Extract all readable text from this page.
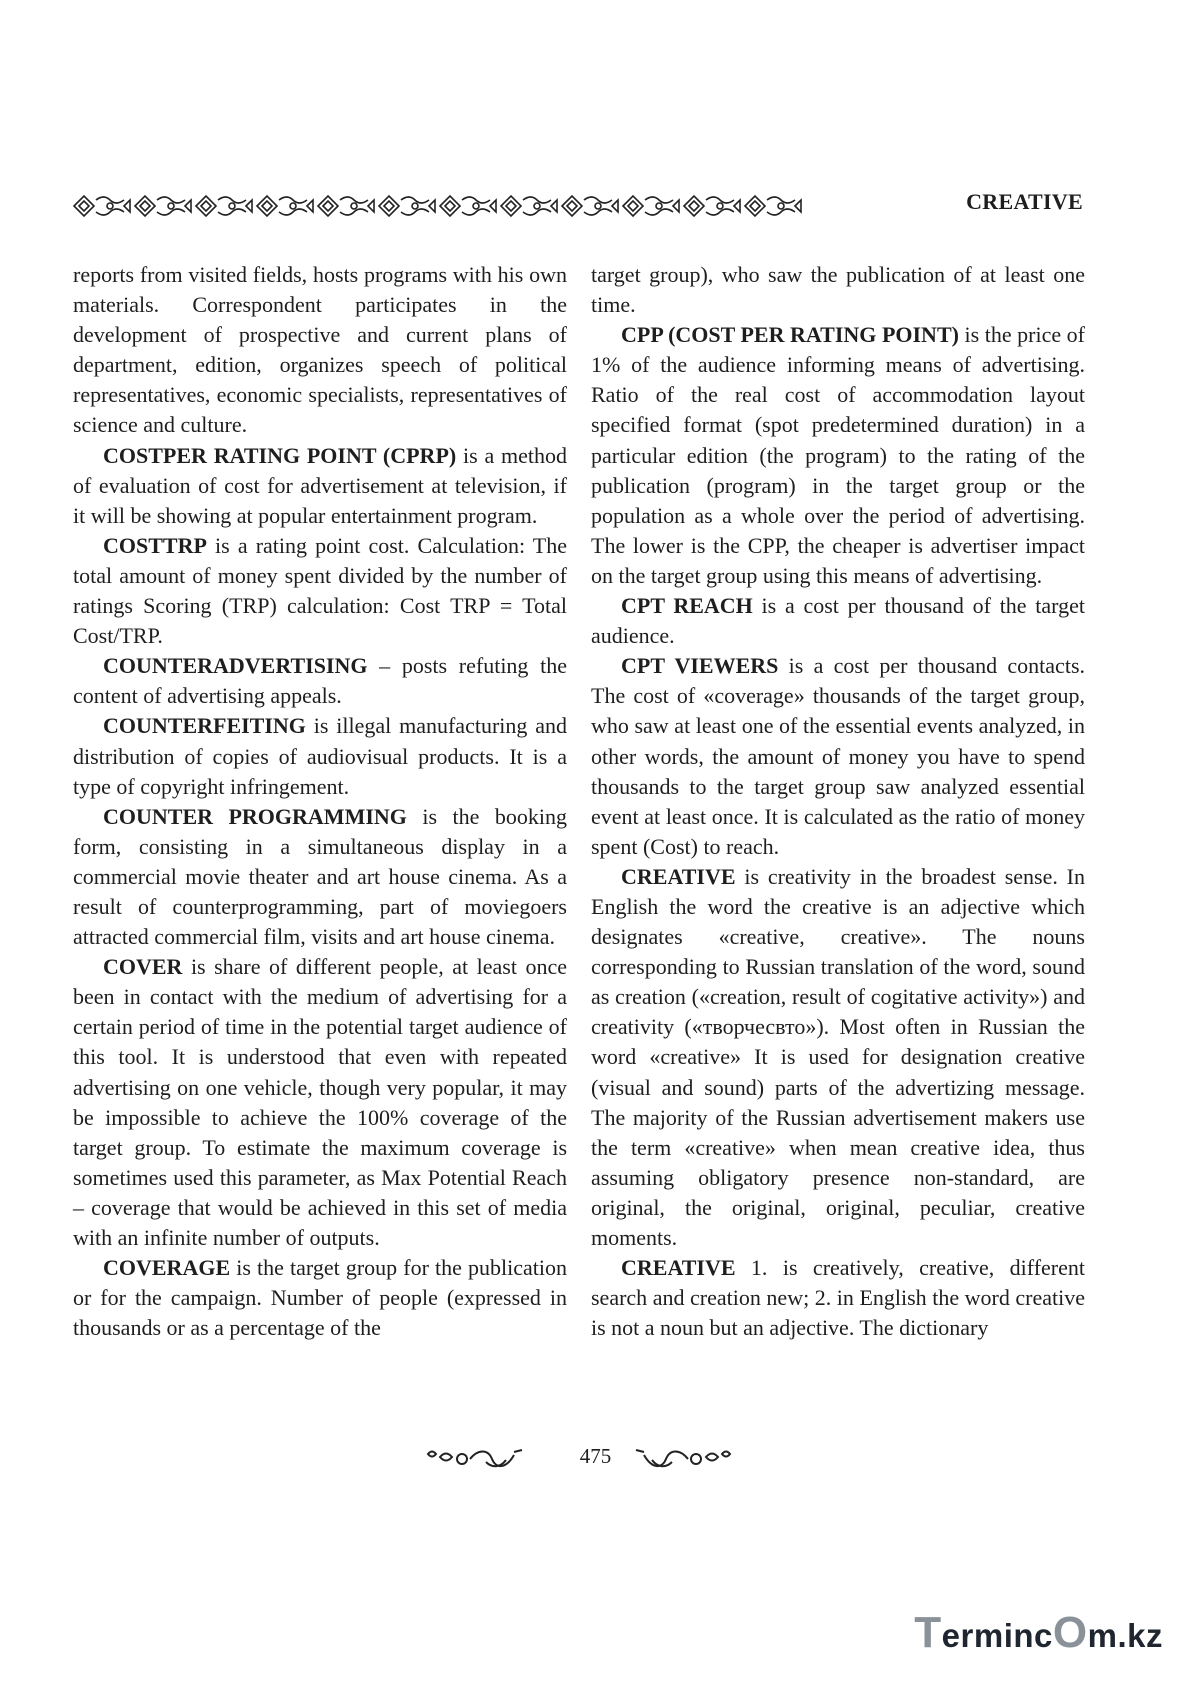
CREATIVE

reports from visited fields, hosts programs with his own materials. Correspondent participates in the development of prospective and current plans of department, edition, organizes speech of political representatives, economic specialists, representatives of science and culture.

COSTPER RATING POINT (CPRP) is a method of evaluation of cost for advertisement at television, if it will be showing at popular entertainment program.

COSTTRP is a rating point cost. Calculation: The total amount of money spent divided by the number of ratings Scoring (TRP) calculation: Cost TRP = Total Cost/TRP.

COUNTERADVERTISING – posts refuting the content of advertising appeals.

COUNTERFEITING is illegal manufacturing and distribution of copies of audiovisual products. It is a type of copyright infringement.

COUNTER PROGRAMMING is the booking form, consisting in a simultaneous display in a commercial movie theater and art house cinema. As a result of counterprogramming, part of moviegoers attracted commercial film, visits and art house cinema.

COVER is share of different people, at least once been in contact with the medium of advertising for a certain period of time in the potential target audience of this tool. It is understood that even with repeated advertising on one vehicle, though very popular, it may be impossible to achieve the 100% coverage of the target group. To estimate the maximum coverage is sometimes used this parameter, as Max Potential Reach – coverage that would be achieved in this set of media with an infinite number of outputs.

COVERAGE is the target group for the publication or for the campaign. Number of people (expressed in thousands or as a percentage of the

target group), who saw the publication of at least one time.

CPP (COST PER RATING POINT) is the price of 1% of the audience informing means of advertising. Ratio of the real cost of accommodation layout specified format (spot predetermined duration) in a particular edition (the program) to the rating of the publication (program) in the target group or the population as a whole over the period of advertising. The lower is the CPP, the cheaper is advertiser impact on the target group using this means of advertising.

CPT REACH is a cost per thousand of the target audience.

CPT VIEWERS is a cost per thousand contacts. The cost of «coverage» thousands of the target group, who saw at least one of the essential events analyzed, in other words, the amount of money you have to spend thousands to the target group saw analyzed essential event at least once. It is calculated as the ratio of money spent (Cost) to reach.

CREATIVE is creativity in the broadest sense. In English the word the creative is an adjective which designates «creative, creative». The nouns corresponding to Russian translation of the word, sound as creation («creation, result of cogitative activity») and creativity («творчесвто»). Most often in Russian the word «creative» It is used for designation creative (visual and sound) parts of the advertizing message. The majority of the Russian advertisement makers use the term «creative» when mean creative idea, thus assuming obligatory presence non-standard, are original, the original, original, peculiar, creative moments.

CREATIVE 1. is creatively, creative, different search and creation new; 2. in English the word creative is not a noun but an adjective. The dictionary

475
TermincOm.kz
